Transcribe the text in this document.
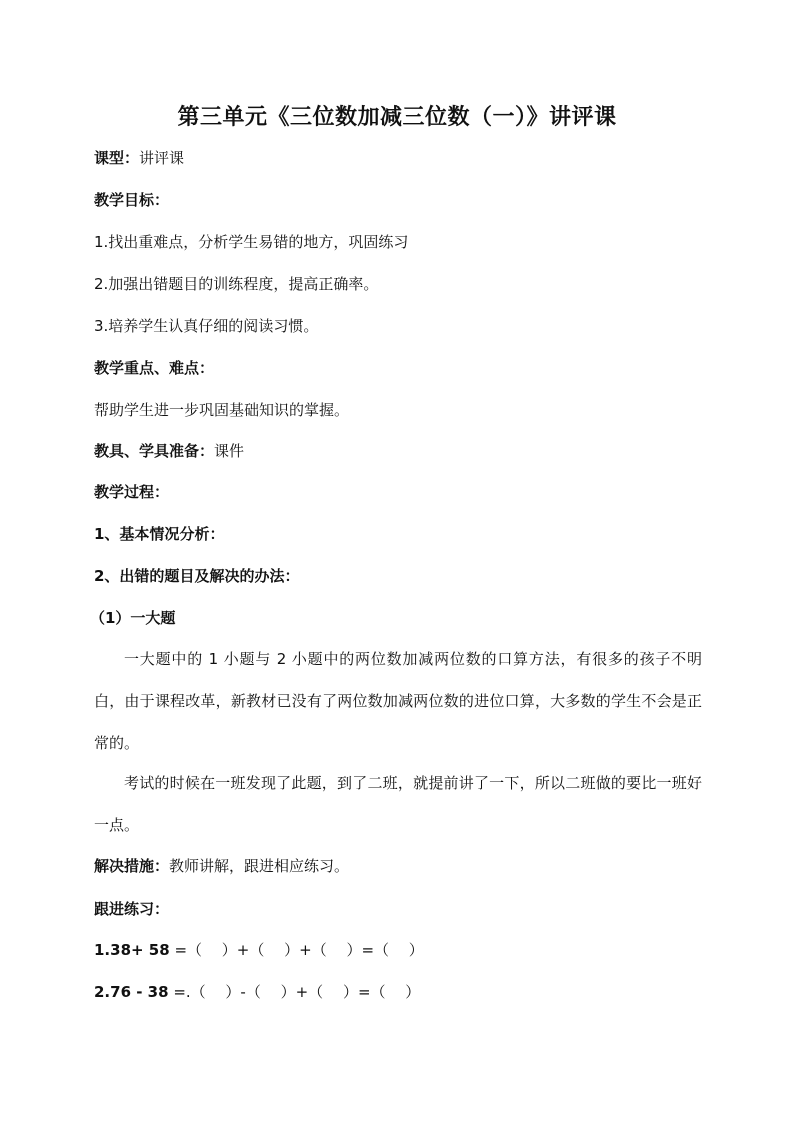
第三单元《三位数加减三位数（一）》讲评课
课型：讲评课
教学目标：
1.找出重难点，分析学生易错的地方，巩固练习
2.加强出错题目的训练程度，提高正确率。
3.培养学生认真仔细的阅读习惯。
教学重点、难点：
帮助学生进一步巩固基础知识的掌握。
教具、学具准备：课件
教学过程：
1、基本情况分析：
2、出错的题目及解决的办法：
（1）一大题
一大题中的 1 小题与 2 小题中的两位数加减两位数的口算方法，有很多的孩子不明白，由于课程改革，新教材已没有了两位数加减两位数的进位口算，大多数的学生不会是正常的。
考试的时候在一班发现了此题，到了二班，就提前讲了一下，所以二班做的要比一班好一点。
解决措施：教师讲解，跟进相应练习。
跟进练习：
1.38+ 58 =（　 ）+（　 ）+（　 ）=（　 ）
2.76 - 38 =.（　 ）-（　 ）+（　 ）=（　 ）
